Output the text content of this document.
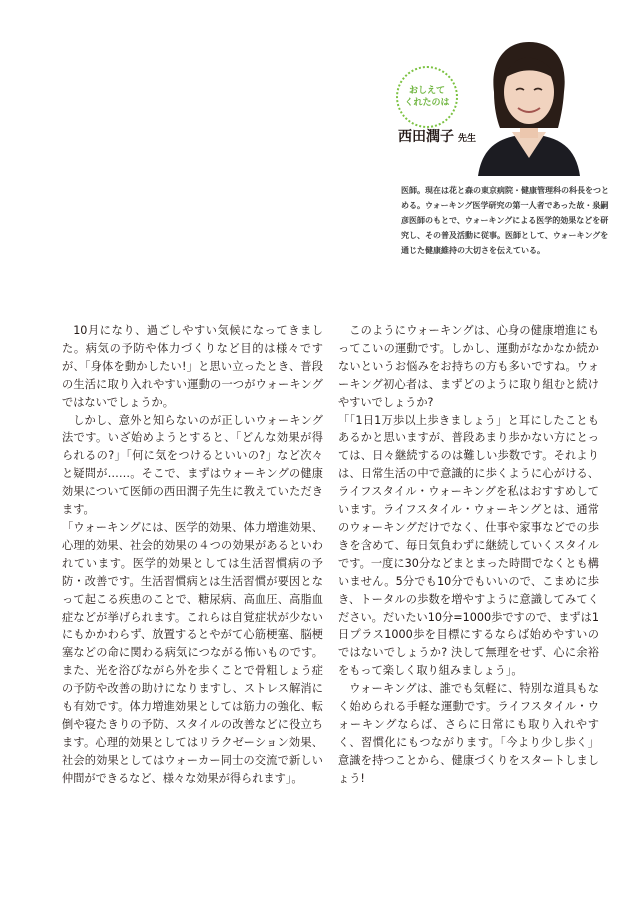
おしえて
くれたのは
西田潤子 先生

医師。現在は花と森の東京病院・健康管理科の科長をつとめる。ウォーキング医学研究の第一人者であった故・泉嗣彦医師のもとで、ウォーキングによる医学的効果などを研究し、その普及活動に従事。医師として、ウォーキングを通じた健康維持の大切さを伝えている。

10月になり、過ごしやすい気候になってきました。病気の予防や体力づくりなど目的は様々ですが、「身体を動かしたい!」と思い立ったとき、普段の生活に取り入れやすい運動の一つがウォーキングではないでしょうか。

しかし、意外と知らないのが正しいウォーキング法です。いざ始めようとすると、「どんな効果が得られるの?」「何に気をつけるといいの?」など次々と疑問が……。そこで、まずはウォーキングの健康効果について医師の西田潤子先生に教えていただきます。

「ウォーキングには、医学的効果、体力増進効果、心理的効果、社会的効果の４つの効果があるといわれています。医学的効果としては生活習慣病の予防・改善です。生活習慣病とは生活習慣が要因となって起こる疾患のことで、糖尿病、高血圧、高脂血症などが挙げられます。これらは自覚症状が少ないにもかかわらず、放置するとやがて心筋梗塞、脳梗塞などの命に関わる病気につながる怖いものです。また、光を浴びながら外を歩くことで骨粗しょう症の予防や改善の助けになりますし、ストレス解消にも有効です。体力増進効果としては筋力の強化、転倒や寝たきりの予防、スタイルの改善などに役立ちます。心理的効果としてはリラクゼーション効果、社会的効果としてはウォーカー同士の交流で新しい仲間ができるなど、様々な効果が得られます」。

このようにウォーキングは、心身の健康増進にもってこいの運動です。しかし、運動がなかなか続かないというお悩みをお持ちの方も多いですね。ウォーキング初心者は、まずどのように取り組むと続けやすいでしょうか?

「「1日1万歩以上歩きましょう」と耳にしたこともあるかと思いますが、普段あまり歩かない方にとっては、日々継続するのは難しい歩数です。それよりは、日常生活の中で意識的に歩くように心がける、ライフスタイル・ウォーキングを私はおすすめしています。ライフスタイル・ウォーキングとは、通常のウォーキングだけでなく、仕事や家事などでの歩きを含めて、毎日気負わずに継続していくスタイルです。一度に30分などまとまった時間でなくとも構いません。5分でも10分でもいいので、こまめに歩き、トータルの歩数を増やすように意識してみてください。だいたい10分=1000歩ですので、まずは1日プラス1000歩を目標にするならば始めやすいのではないでしょうか? 決して無理をせず、心に余裕をもって楽しく取り組みましょう」。

ウォーキングは、誰でも気軽に、特別な道具もなく始められる手軽な運動です。ライフスタイル・ウォーキングならば、さらに日常にも取り入れやすく、習慣化にもつながります。「今より少し歩く」意識を持つことから、健康づくりをスタートしましょう!
